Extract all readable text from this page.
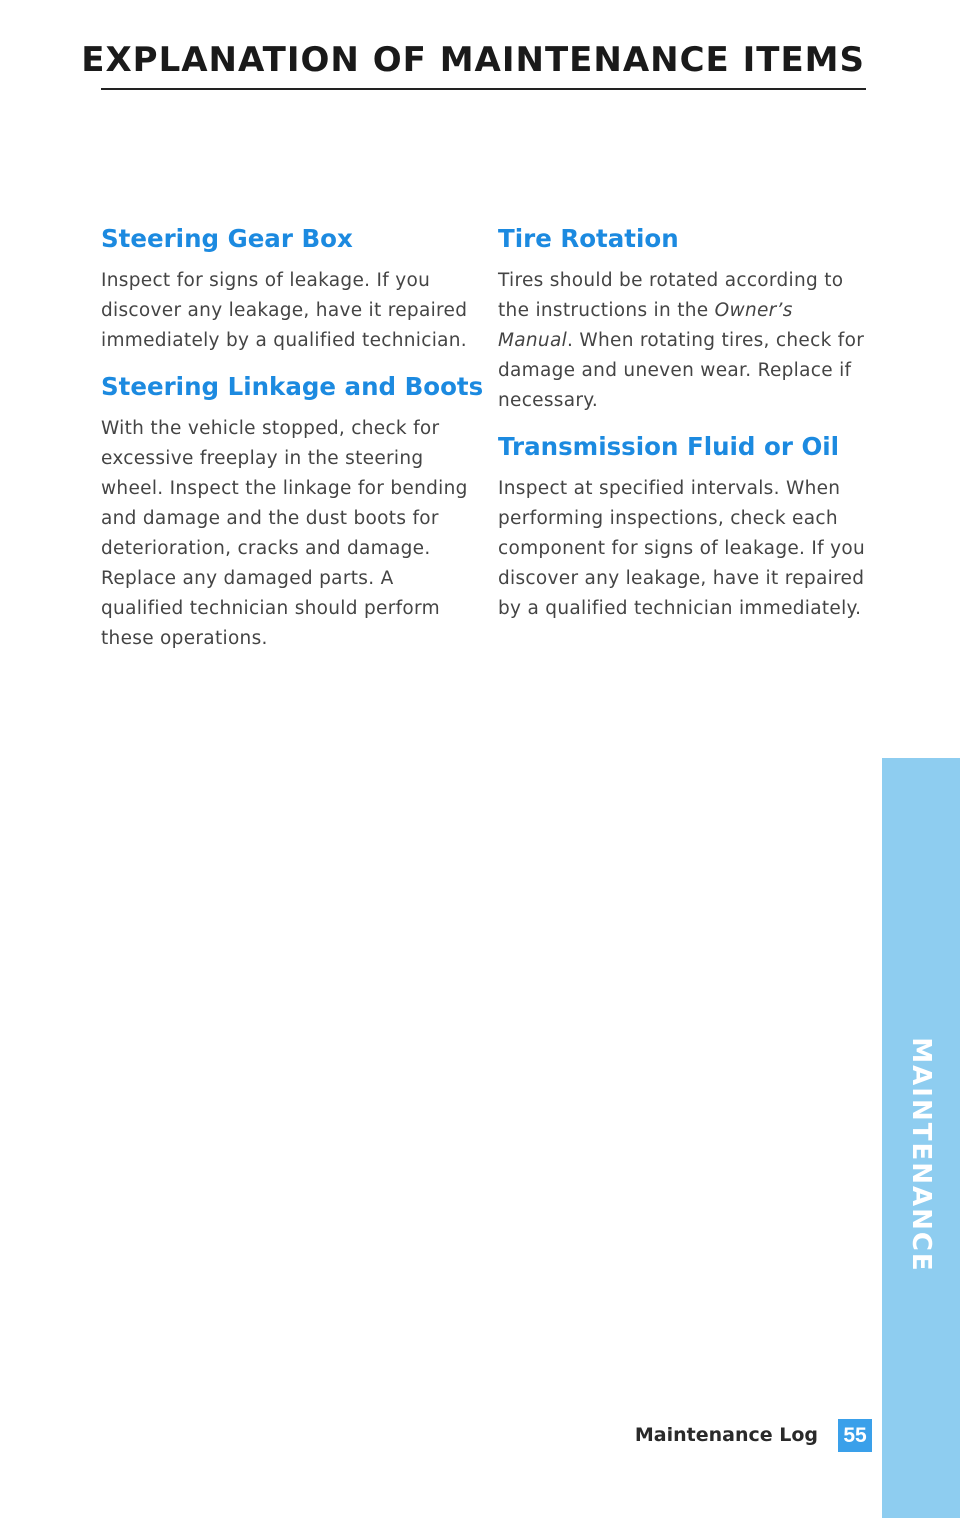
EXPLANATION OF MAINTENANCE ITEMS
Steering Gear Box

Inspect for signs of leakage. If you discover any leakage, have it repaired immediately by a qualified technician.

Steering Linkage and Boots

With the vehicle stopped, check for excessive freeplay in the steering wheel. Inspect the linkage for bending and damage and the dust boots for deterioration, cracks and damage. Replace any damaged parts. A qualified technician should perform these operations.

Tire Rotation

Tires should be rotated according to the instructions in the Owner’s Manual. When rotating tires, check for damage and uneven wear. Replace if necessary.

Transmission Fluid or Oil

Inspect at specified intervals. When performing inspections, check each component for signs of leakage. If you discover any leakage, have it repaired by a qualified technician immediately.

MAINTENANCE
Maintenance Log 55
